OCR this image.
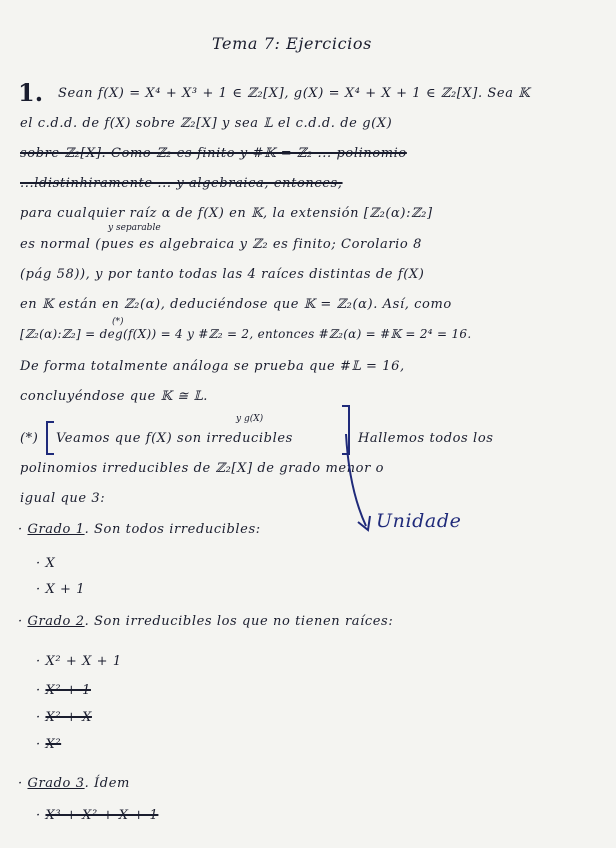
Tema 7: Ejercicios
1. Sean f(X) = X⁴ + X³ + 1 ∈ ℤ₂[X], g(X) = X⁴ + X + 1 ∈ ℤ₂[X]. Sea 𝕂
el c.d.d. de f(X) sobre ℤ₂[X] y sea 𝕃 el c.d.d. de g(X)
sobre ℤ₂[X]. Como ℤ₂ es finito y #𝕂 = ℤ₂ ... polinomio
...ldistinhiramente ... y algebraica, entonces,
para cualquier raíz α de f(X) en 𝕂, la extensión [ℤ₂(α):ℤ₂]
y separable
es normal (pues es algebraica y ℤ₂ es finito; Corolario 8
(pág 58)), y por tanto todas las 4 raíces distintas de f(X)
en 𝕂 están en ℤ₂(α), deduciéndose que 𝕂 = ℤ₂(α). Así, como
(*)
[ℤ₂(α):ℤ₂] = deg(f(X)) = 4 y #ℤ₂ = 2, entonces #ℤ₂(α) = #𝕂 = 2⁴ = 16.
De forma totalmente análoga se prueba que #𝕃 = 16,
concluyéndose que 𝕂 ≅ 𝕃.
y g(X)
(*) Veamos que f(X) son irreducibles	Hallemos todos los
polinomios irreducibles de ℤ₂[X] de grado menor o
igual que 3:
Unidade
· Grado 1. Son todos irreducibles:
· X
· X + 1
· Grado 2. Son irreducibles los que no tienen raíces:
· X² + X + 1
· X² + 1
· X² + X
· X²
· Grado 3. Ídem
· X³ + X² + X + 1
